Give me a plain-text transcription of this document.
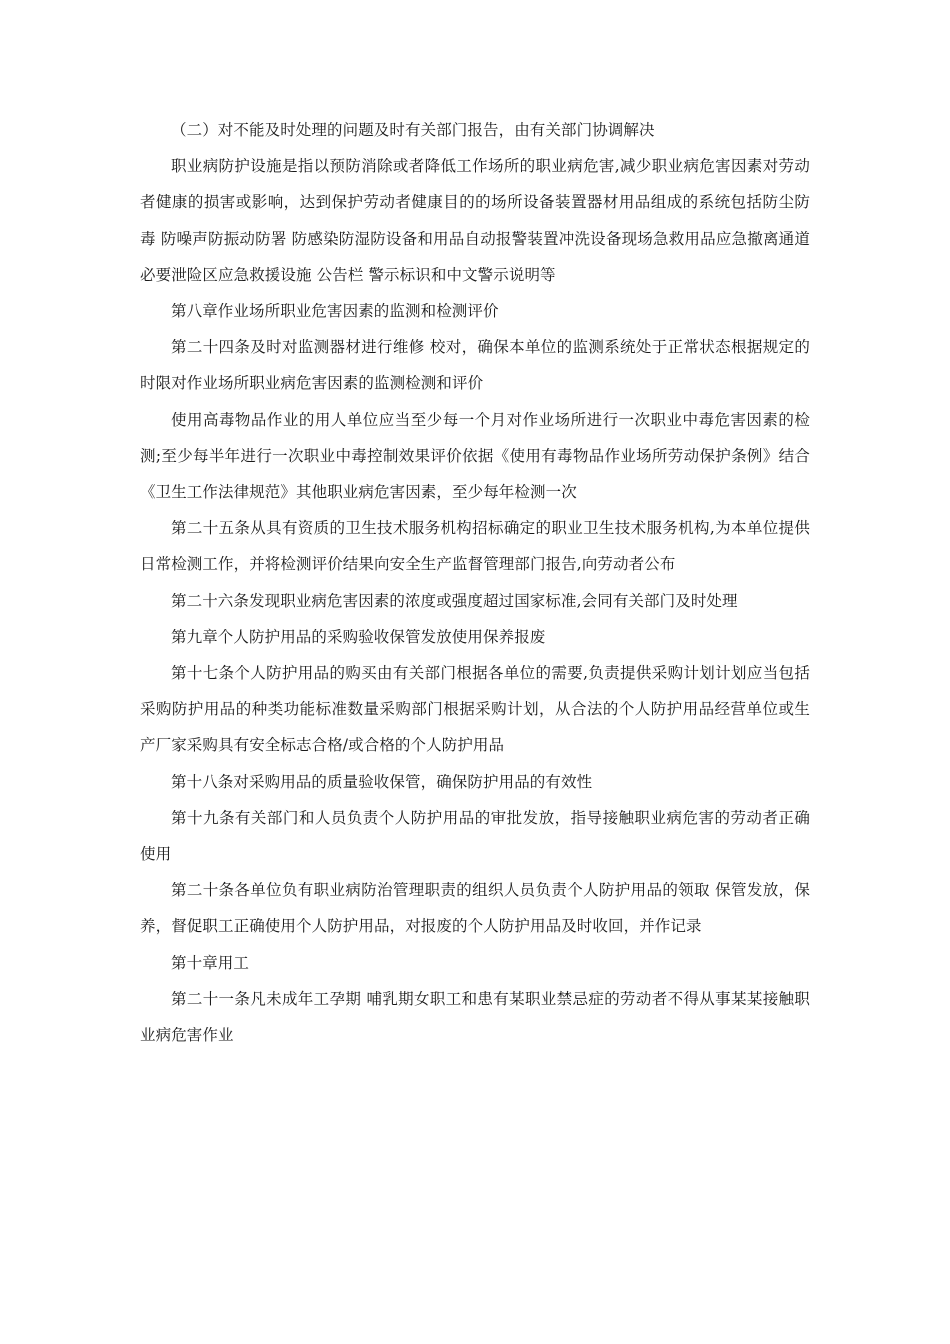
（二）对不能及时处理的问题及时有关部门报告，由有关部门协调解决

职业病防护设施是指以预防消除或者降低工作场所的职业病危害,减少职业病危害因素对劳动者健康的损害或影响，达到保护劳动者健康目的的场所设备装置器材用品组成的系统包括防尘防毒 防噪声防振动防署 防感染防湿防设备和用品自动报警装置冲洗设备现场急救用品应急撤离通道 必要泄险区应急救援设施 公告栏 警示标识和中文警示说明等

第八章作业场所职业危害因素的监测和检测评价

第二十四条及时对监测器材进行维修 校对，确保本单位的监测系统处于正常状态根据规定的时限对作业场所职业病危害因素的监测检测和评价

使用高毒物品作业的用人单位应当至少每一个月对作业场所进行一次职业中毒危害因素的检测;至少每半年进行一次职业中毒控制效果评价依据《使用有毒物品作业场所劳动保护条例》结合《卫生工作法律规范》其他职业病危害因素，至少每年检测一次

第二十五条从具有资质的卫生技术服务机构招标确定的职业卫生技术服务机构,为本单位提供日常检测工作，并将检测评价结果向安全生产监督管理部门报告,向劳动者公布

第二十六条发现职业病危害因素的浓度或强度超过国家标准,会同有关部门及时处理

第九章个人防护用品的采购验收保管发放使用保养报废

第十七条个人防护用品的购买由有关部门根据各单位的需要,负责提供采购计划计划应当包括采购防护用品的种类功能标准数量采购部门根据采购计划，从合法的个人防护用品经营单位或生产厂家采购具有安全标志合格/或合格的个人防护用品

第十八条对采购用品的质量验收保管，确保防护用品的有效性

第十九条有关部门和人员负责个人防护用品的审批发放，指导接触职业病危害的劳动者正确使用

第二十条各单位负有职业病防治管理职责的组织人员负责个人防护用品的领取 保管发放，保养，督促职工正确使用个人防护用品，对报废的个人防护用品及时收回，并作记录

第十章用工

第二十一条凡未成年工孕期 哺乳期女职工和患有某职业禁忌症的劳动者不得从事某某接触职业病危害作业
